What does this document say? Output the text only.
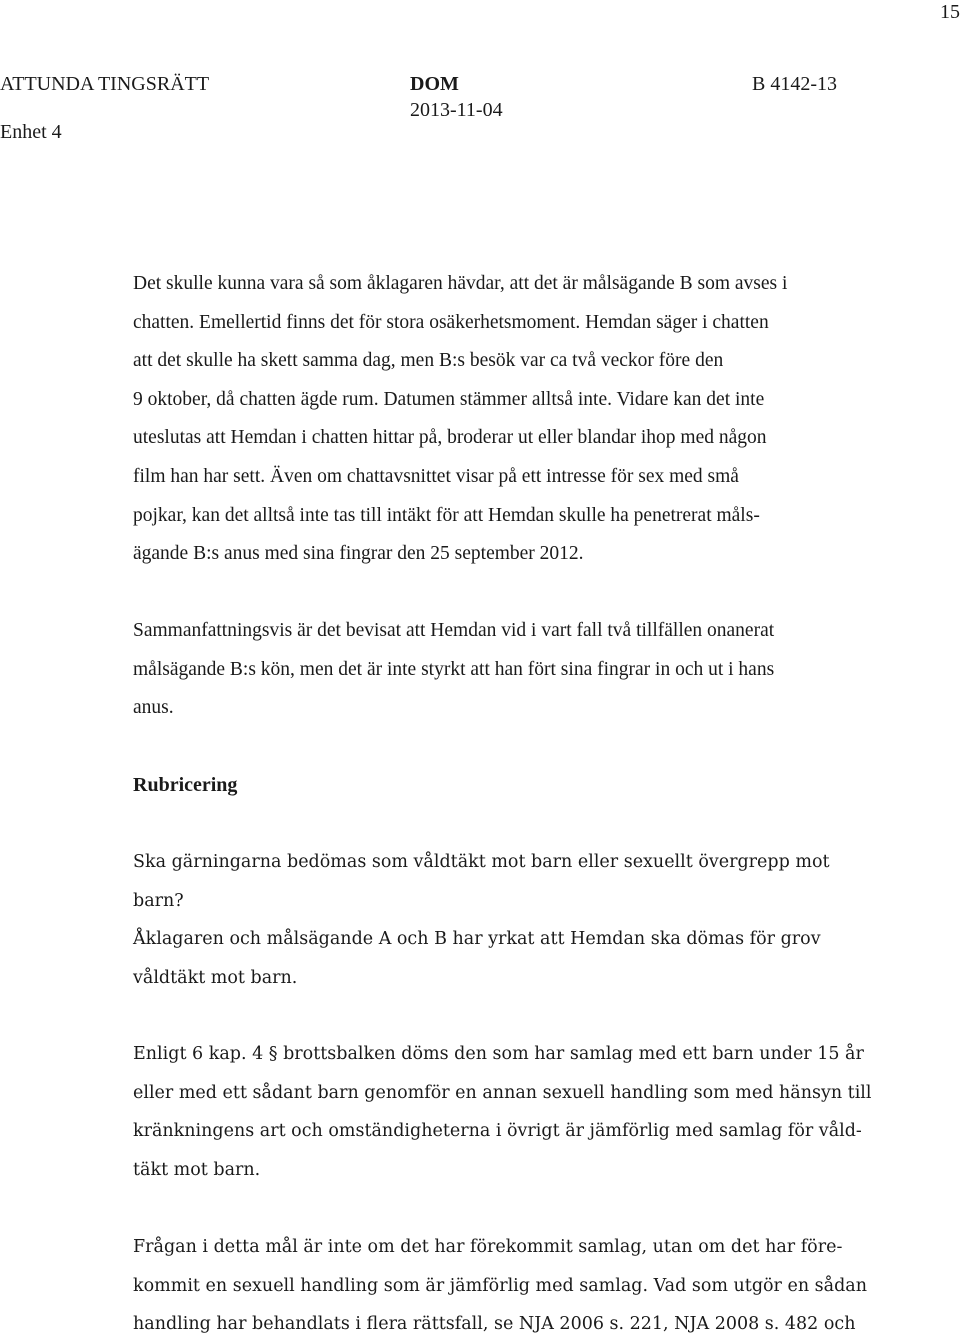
15
ATTUNDA TINGSRÄTT
Enhet 4
DOM
2013-11-04
B 4142-13
Det skulle kunna vara så som åklagaren hävdar, att det är målsägande B som avses i
chatten. Emellertid finns det för stora osäkerhetsmoment. Hemdan säger i chatten
att det skulle ha skett samma dag, men B:s besök var ca två veckor före den
9 oktober, då chatten ägde rum. Datumen stämmer alltså inte. Vidare kan det inte
uteslutas att Hemdan i chatten hittar på, broderar ut eller blandar ihop med någon
film han har sett. Även om chattavsnittet visar på ett intresse för sex med små
pojkar, kan det alltså inte tas till intäkt för att Hemdan skulle ha penetrerat måls-
ägande B:s anus med sina fingrar den 25 september 2012.
Sammanfattningsvis är det bevisat att Hemdan vid i vart fall två tillfällen onanerat
målsägande B:s kön, men det är inte styrkt att han fört sina fingrar in och ut i hans
anus.
Rubricering
Ska gärningarna bedömas som våldtäkt mot barn eller sexuellt övergrepp mot
barn?
Åklagaren och målsägande A och B har yrkat att Hemdan ska dömas för grov
våldtäkt mot barn.
Enligt 6 kap. 4 § brottsbalken döms den som har samlag med ett barn under 15 år
eller med ett sådant barn genomför en annan sexuell handling som med hänsyn till
kränkningens art och omständigheterna i övrigt är jämförlig med samlag för våld-
täkt mot barn.
Frågan i detta mål är inte om det har förekommit samlag, utan om det har före-
kommit en sexuell handling som är jämförlig med samlag. Vad som utgör en sådan
handling har behandlats i flera rättsfall, se NJA 2006 s. 221, NJA 2008 s. 482 och
